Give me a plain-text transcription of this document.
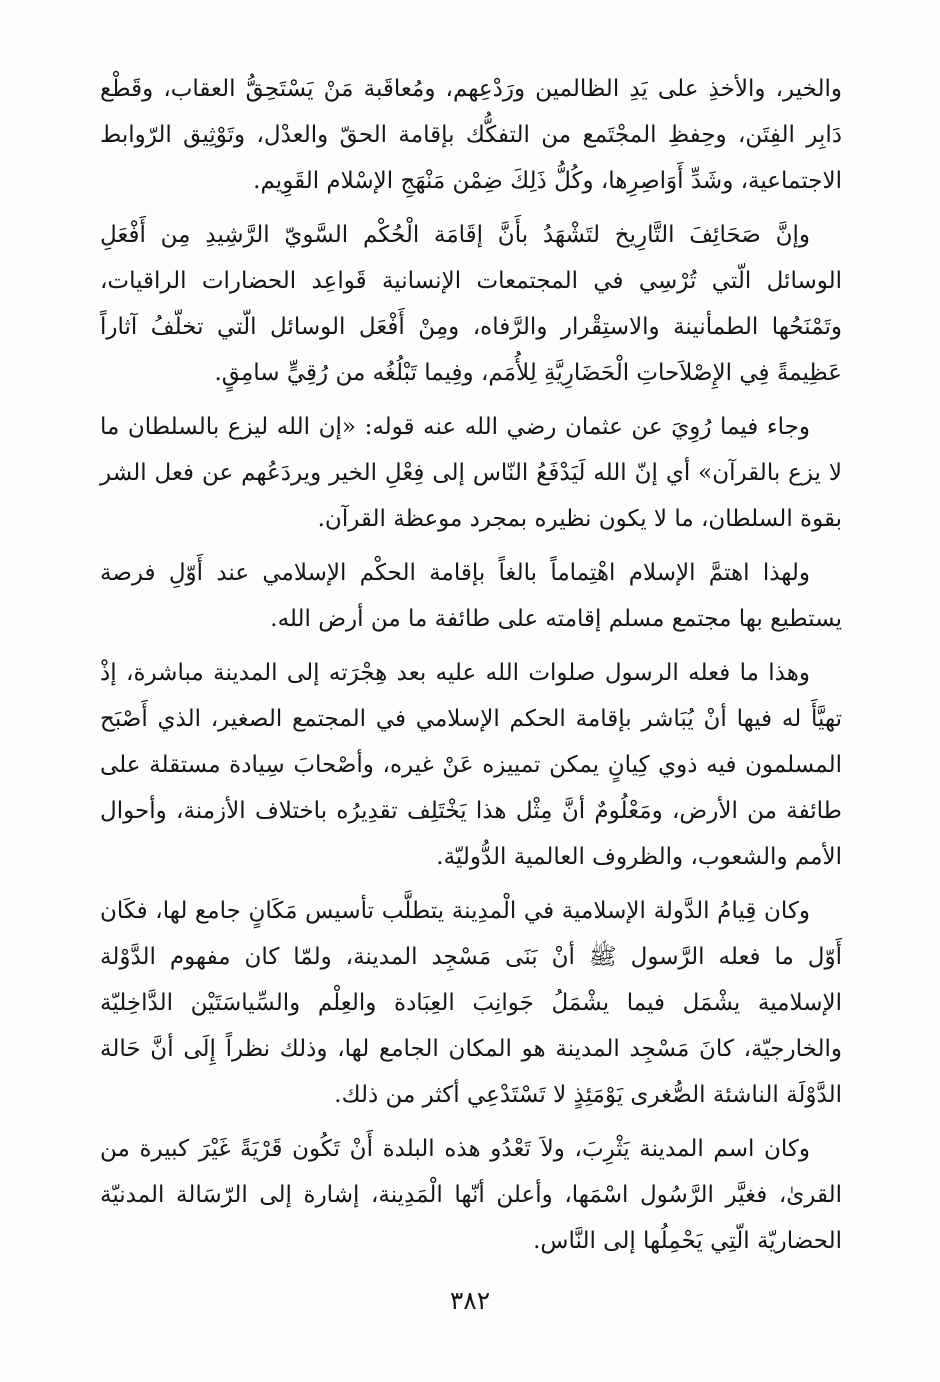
والخير، والأخذِ على يَدِ الظالمين ورَدْعِهم، ومُعاقَبة مَنْ يَسْتَحِقُّ العقاب، وقَطْع دَابِر الفِتَن، وحِفظِ المجْتَمع من التفكُّك بإقامة الحقّ والعدْل، وتَوْثِيق الرّوابط الاجتماعية، وشَدِّ أَوَاصِرِها، وكُلُّ ذَلِكَ ضِمْن مَنْهَجِ الإسْلام القَوِيم.

وإنَّ صَحَائِفَ التَّارِيخ لتَشْهَدُ بأَنَّ إقَامَة الْحُكْم السَّويّ الرَّشِيدِ مِن أَفْعَلِ الوسائل الّتي تُرْسِي في المجتمعات الإنسانية قَواعِد الحضارات الراقيات، وتَمْنَحُها الطمأنينة والاستِقْرار والرَّفاه، ومِنْ أَفْعَل الوسائل الّتي تخلّفُ آثاراً عَظِيمةً فِي الإِصْلاَحاتِ الْحَضَارِيَّةِ لِلأُمَم، وفِيما تَبْلُغُه من رُقِيٍّ سامِقٍ.

وجاء فيما رُوِيَ عن عثمان رضي الله عنه قوله: «إن الله ليزع بالسلطان ما لا يزع بالقرآن» أي إنّ الله لَيَدْفَعُ النّاس إلى فِعْلِ الخير ويردَعُهم عن فعل الشر بقوة السلطان، ما لا يكون نظيره بمجرد موعظة القرآن.

ولهذا اهتمَّ الإسلام اهْتِماماً بالغاً بإقامة الحكْم الإسلامي عند أَوّلِ فرصة يستطيع بها مجتمع مسلم إقامته على طائفة ما من أرض الله.

وهذا ما فعله الرسول صلوات الله عليه بعد هِجْرَته إلى المدينة مباشرة، إذْ تهيَّأَ له فيها أنْ يُبَاشر بإقامة الحكم الإسلامي في المجتمع الصغير، الذي أَصْبَح المسلمون فيه ذوي كِيانٍ يمكن تمييزه عَنْ غيره، وأصْحابَ سِيادة مستقلة على طائفة من الأرض، ومَعْلُومٌ أنَّ مِثْل هذا يَخْتَلِف تقدِيرُه باختلاف الأزمنة، وأحوال الأمم والشعوب، والظروف العالمية الدُّوليّة.

وكان قِيامُ الدَّولة الإسلامية في الْمدِينة يتطلَّب تأسيس مَكَانٍ جامع لها، فكَان أَوّل ما فعله الرَّسول ﷺ أنْ بَنَى مَسْجِد المدينة، ولمّا كان مفهوم الدَّوْلة الإسلامية يشْمَل فيما يشْمَلُ جَوانِبَ العِبَادة والعِلْم والسِّياسَتَيْن الدَّاخِليّة والخارجيّة، كانَ مَسْجِد المدينة هو المكان الجامع لها، وذلك نظراً إِلَى أنَّ حَالة الدَّوْلَة الناشئة الصُّغرى يَوْمَئِذٍ لا تَسْتَدْعِي أكثر من ذلك.

وكان اسم المدينة يَثْرِبَ، ولاَ تَعْدُو هذه البلدة أَنْ تَكُون قَرْيَةً غَيْرَ كبيرة من القرىٰ، فغيَّر الرَّسُول اسْمَها، وأعلن أنّها الْمَدِينة، إشارة إلى الرّسَالة المدنيّة الحضاريّة الّتِي يَحْمِلُها إلى النَّاس.

٣٨٢
